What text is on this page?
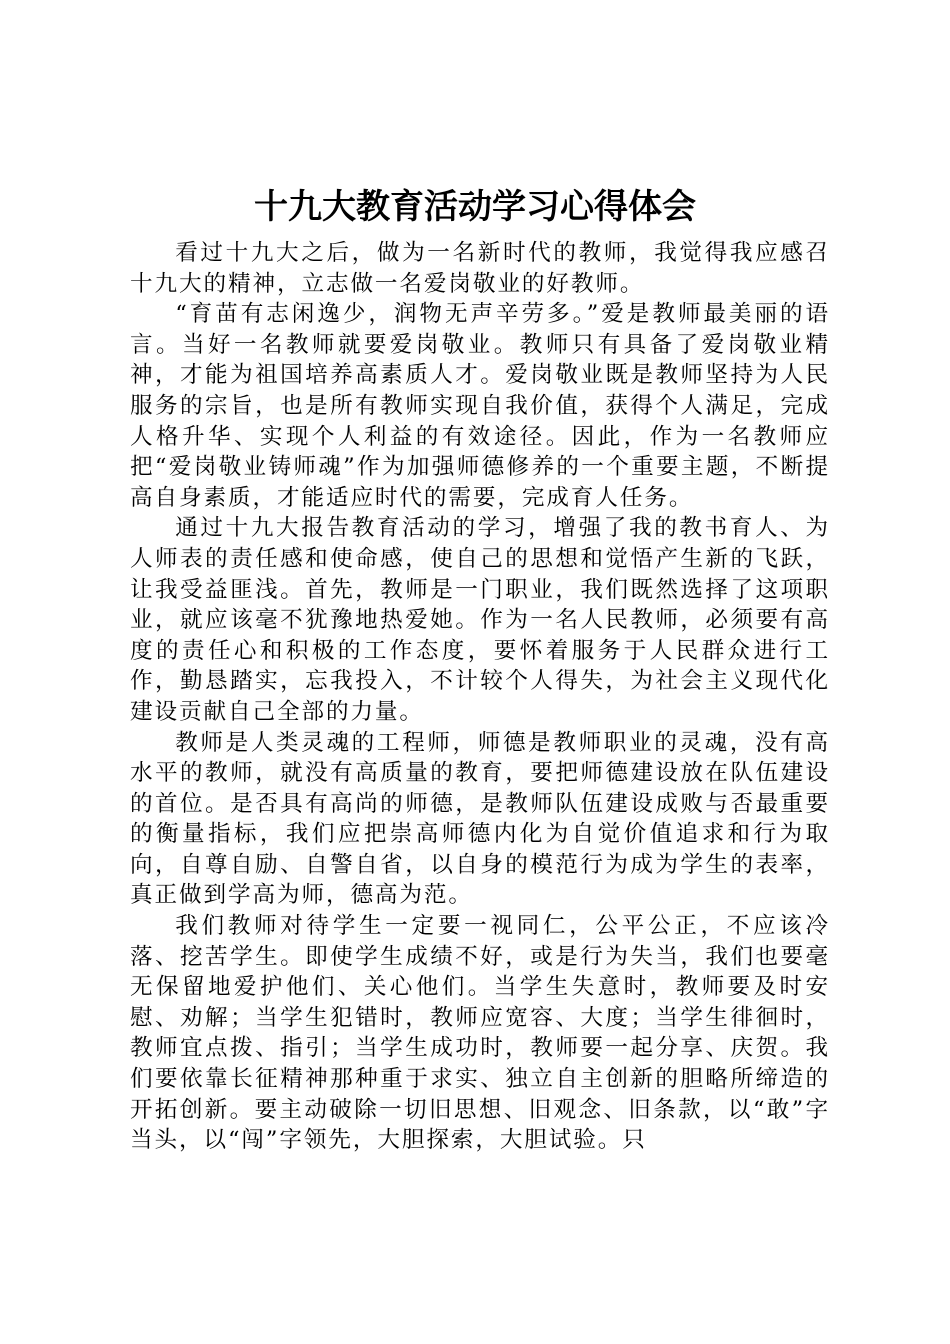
十九大教育活动学习心得体会

看过十九大之后，做为一名新时代的教师，我觉得我应感召十九大的精神，立志做一名爱岗敬业的好教师。

“育苗有志闲逸少，润物无声辛劳多。”爱是教师最美丽的语言。当好一名教师就要爱岗敬业。教师只有具备了爱岗敬业精神，才能为祖国培养高素质人才。爱岗敬业既是教师坚持为人民服务的宗旨，也是所有教师实现自我价值，获得个人满足，完成人格升华、实现个人利益的有效途径。因此，作为一名教师应把“爱岗敬业铸师魂”作为加强师德修养的一个重要主题，不断提高自身素质，才能适应时代的需要，完成育人任务。

通过十九大报告教育活动的学习，增强了我的教书育人、为人师表的责任感和使命感，使自己的思想和觉悟产生新的飞跃，让我受益匪浅。首先，教师是一门职业，我们既然选择了这项职业，就应该毫不犹豫地热爱她。作为一名人民教师，必须要有高度的责任心和积极的工作态度，要怀着服务于人民群众进行工作，勤恳踏实，忘我投入，不计较个人得失，为社会主义现代化建设贡献自己全部的力量。

教师是人类灵魂的工程师，师德是教师职业的灵魂，没有高水平的教师，就没有高质量的教育，要把师德建设放在队伍建设的首位。是否具有高尚的师德，是教师队伍建设成败与否最重要的衡量指标，我们应把崇高师德内化为自觉价值追求和行为取向，自尊自励、自警自省，以自身的模范行为成为学生的表率，真正做到学高为师，德高为范。

我们教师对待学生一定要一视同仁，公平公正，不应该冷落、挖苦学生。即使学生成绩不好，或是行为失当，我们也要毫无保留地爱护他们、关心他们。当学生失意时，教师要及时安慰、劝解；当学生犯错时，教师应宽容、大度；当学生徘徊时，教师宜点拨、指引；当学生成功时，教师要一起分享、庆贺。我们要依靠长征精神那种重于求实、独立自主创新的胆略所缔造的开拓创新。要主动破除一切旧思想、旧观念、旧条款，以“敢”字当头，以“闯”字领先，大胆探索，大胆试验。只
